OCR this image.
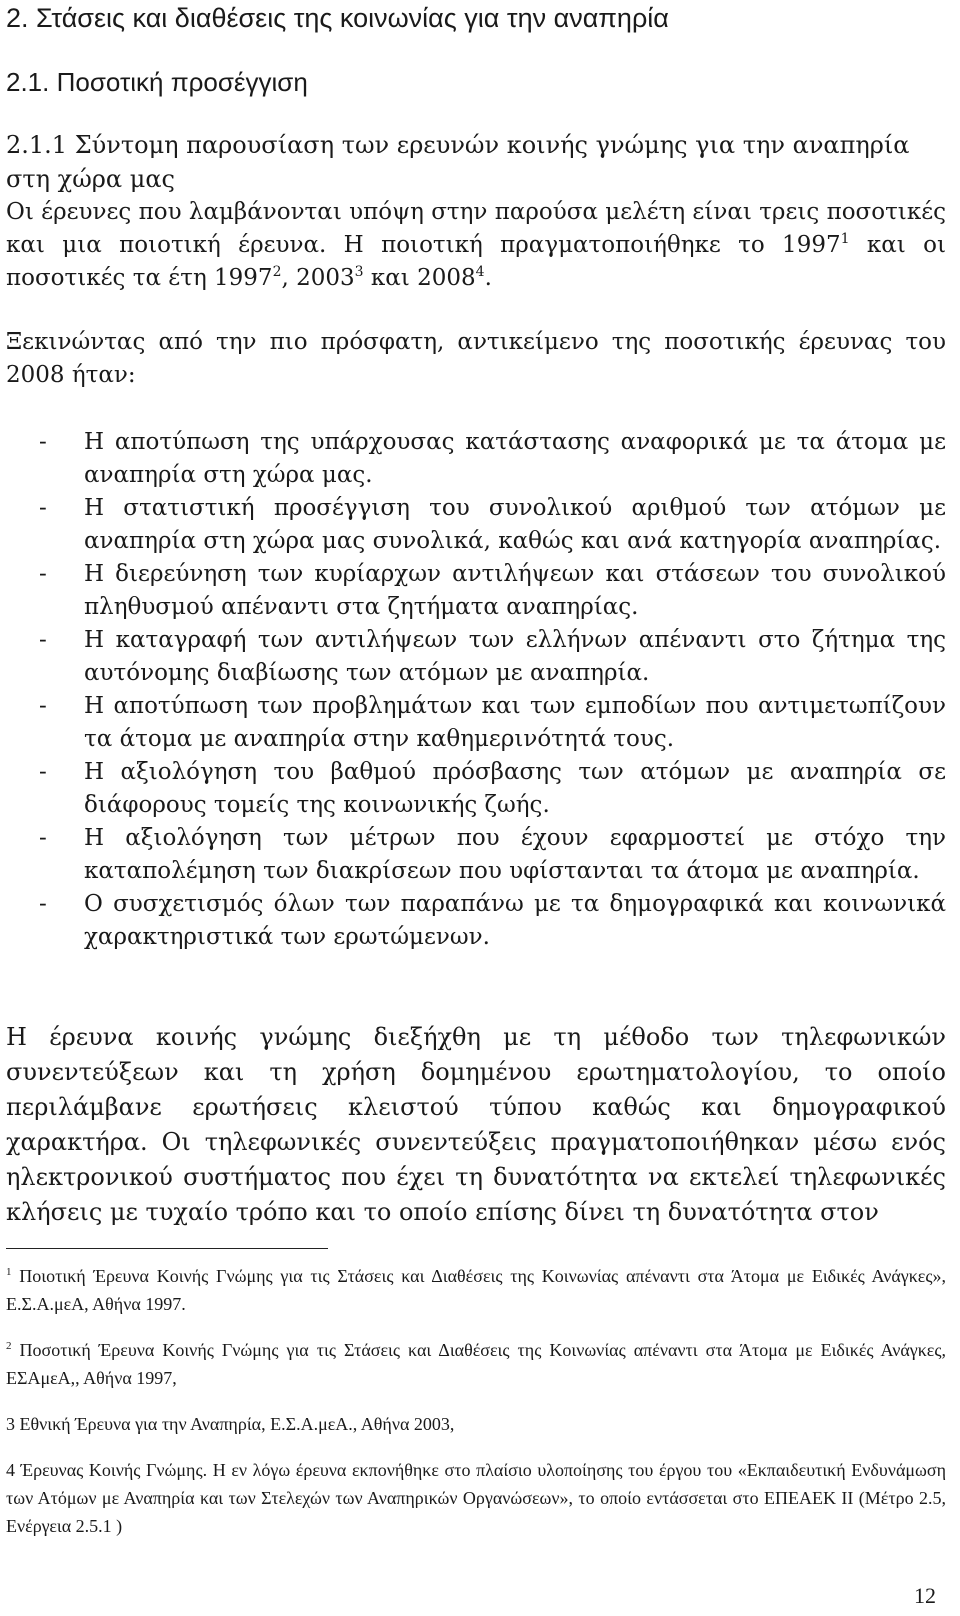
2. Στάσεις και διαθέσεις της κοινωνίας για την αναπηρία
2.1. Ποσοτική προσέγγιση
2.1.1 Σύντομη παρουσίαση των ερευνών κοινής γνώμης για την αναπηρία στη χώρα μας

Οι έρευνες που λαμβάνονται υπόψη στην παρούσα μελέτη είναι τρεις ποσοτικές και μια ποιοτική έρευνα. Η ποιοτική πραγματοποιήθηκε το 1997$^1$ και οι ποσοτικές τα έτη 1997$^2$, 2003$^3$ και 2008$^4$.

Ξεκινώντας από την πιο πρόσφατη, αντικείμενο της ποσοτικής έρευνας του 2008 ήταν:
- Η αποτύπωση της υπάρχουσας κατάστασης αναφορικά με τα άτομα με αναπηρία στη χώρα μας.
- Η στατιστική προσέγγιση του συνολικού αριθμού των ατόμων με αναπηρία στη χώρα μας συνολικά, καθώς και ανά κατηγορία αναπηρίας.
- Η διερεύνηση των κυρίαρχων αντιλήψεων και στάσεων του συνολικού πληθυσμού απέναντι στα ζητήματα αναπηρίας.
- Η καταγραφή των αντιλήψεων των ελλήνων απέναντι στο ζήτημα της αυτόνομης διαβίωσης των ατόμων με αναπηρία.
- Η αποτύπωση των προβλημάτων και των εμποδίων που αντιμετωπίζουν τα άτομα με αναπηρία στην καθημερινότητά τους.
- Η αξιολόγηση του βαθμού πρόσβασης των ατόμων με αναπηρία σε διάφορους τομείς της κοινωνικής ζωής.
- Η αξιολόγηση των μέτρων που έχουν εφαρμοστεί με στόχο την καταπολέμηση των διακρίσεων που υφίστανται τα άτομα με αναπηρία.
- Ο συσχετισμός όλων των παραπάνω με τα δημογραφικά και κοινωνικά χαρακτηριστικά των ερωτώμενων.
Η έρευνα κοινής γνώμης διεξήχθη με τη μέθοδο των τηλεφωνικών συνεντεύξεων και τη χρήση δομημένου ερωτηματολογίου, το οποίο περιλάμβανε ερωτήσεις κλειστού τύπου καθώς και δημογραφικού χαρακτήρα. Οι τηλεφωνικές συνεντεύξεις πραγματοποιήθηκαν μέσω ενός ηλεκτρονικού συστήματος που έχει τη δυνατότητα να εκτελεί τηλεφωνικές κλήσεις με τυχαίο τρόπο και το οποίο επίσης δίνει τη δυνατότητα στον
$^1$ Ποιοτική Έρευνα Κοινής Γνώμης για τις Στάσεις και Διαθέσεις της Κοινωνίας απέναντι στα Άτομα με Ειδικές Ανάγκες», Ε.Σ.Α.μεΑ, Αθήνα 1997.
$^2$ Ποσοτική Έρευνα Κοινής Γνώμης για τις Στάσεις και Διαθέσεις της Κοινωνίας απέναντι στα Άτομα με Ειδικές Ανάγκες, ΕΣΑμεΑ,, Αθήνα 1997,
3 Εθνική Έρευνα για την Αναπηρία, Ε.Σ.Α.μεΑ., Αθήνα 2003,
4 Έρευνας Κοινής Γνώμης. Η εν λόγω έρευνα εκπονήθηκε στο πλαίσιο υλοποίησης του έργου του «Εκπαιδευτική Ενδυνάμωση των Ατόμων με Αναπηρία και των Στελεχών των Αναπηρικών Οργανώσεων», το οποίο εντάσσεται στο ΕΠΕΑΕΚ ΙΙ (Μέτρο 2.5, Ενέργεια 2.5.1 )
12
